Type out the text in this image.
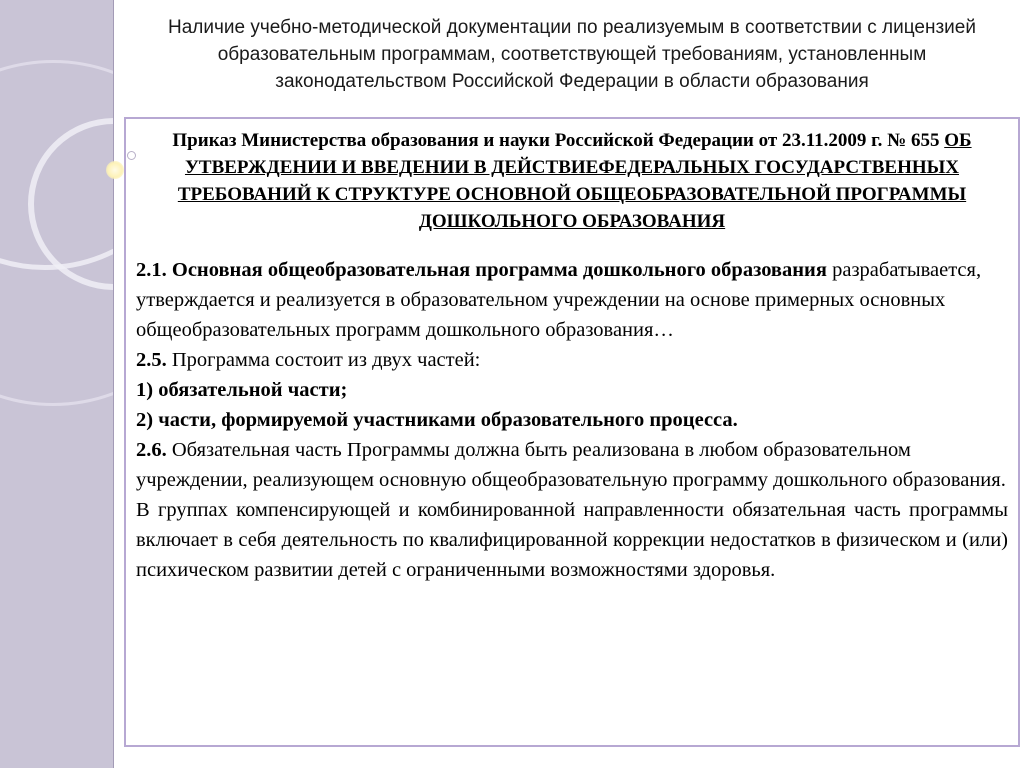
Наличие учебно-методической документации по реализуемым в соответствии с лицензией образовательным программам, соответствующей требованиям, установленным законодательством Российской Федерации в области образования

Приказ Министерства образования и науки Российской Федерации от 23.11.2009 г. № 655 ОБ УТВЕРЖДЕНИИ И ВВЕДЕНИИ В ДЕЙСТВИЕФЕДЕРАЛЬНЫХ ГОСУДАРСТВЕННЫХ ТРЕБОВАНИЙ К СТРУКТУРЕ ОСНОВНОЙ ОБЩЕОБРАЗОВАТЕЛЬНОЙ ПРОГРАММЫ ДОШКОЛЬНОГО ОБРАЗОВАНИЯ

2.1. Основная общеобразовательная программа дошкольного образования разрабатывается, утверждается и реализуется в образовательном учреждении на основе примерных основных общеобразовательных программ дошкольного образования…

2.5. Программа состоит из двух частей:

1) обязательной части;

2) части, формируемой участниками образовательного процесса.

2.6. Обязательная часть Программы должна быть реализована в любом образовательном учреждении, реализующем основную общеобразовательную программу дошкольного образования.

В группах компенсирующей и комбинированной направленности обязательная часть программы включает в себя деятельность по квалифицированной коррекции недостатков в физическом и (или) психическом развитии детей с ограниченными возможностями здоровья.
